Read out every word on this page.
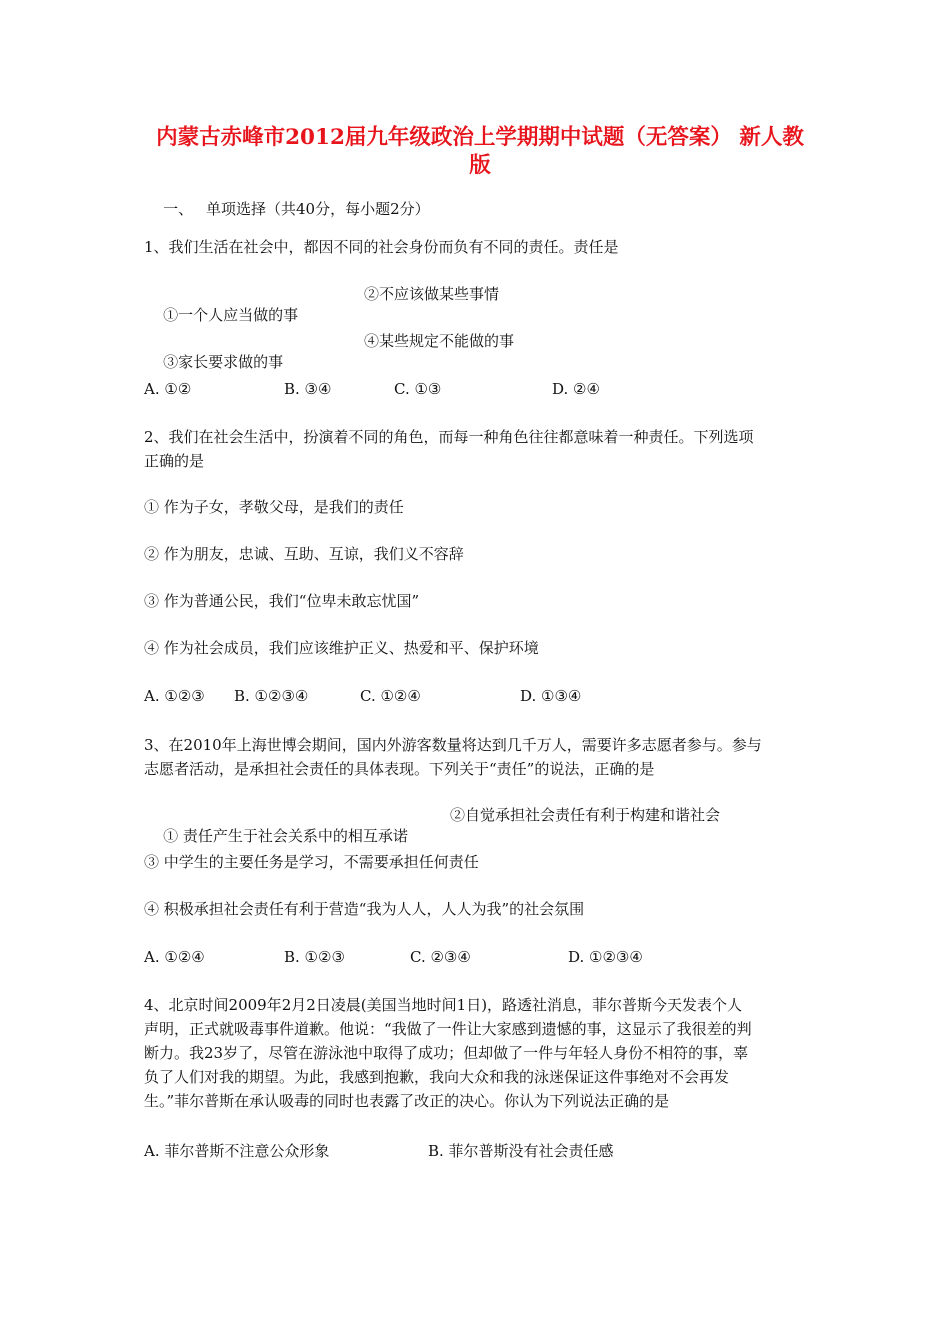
内蒙古赤峰市2012届九年级政治上学期期中试题（无答案） 新人教
版

一、 单项选择（共40分，每小题2分）

1、我们生活在社会中，都因不同的社会身份而负有不同的责任。责任是

①一个人应当做的事

②不应该做某些事情

③家长要求做的事

④某些规定不能做的事

A. ①②

	B. ③④

	C. ①③

	D. ②④

2、我们在社会生活中，扮演着不同的角色，而每一种角色往往都意味着一种责任。下列选项
正确的是
① 作为子女，孝敬父母，是我们的责任
② 作为朋友，忠诚、互助、互谅，我们义不容辞
③ 作为普通公民，我们“位卑未敢忘忧国”
④ 作为社会成员，我们应该维护正义、热爱和平、保护环境

A. ①②③

B. ①②③④

	C. ①②④

	D. ①③④

3、在2010年上海世博会期间，国内外游客数量将达到几千万人，需要许多志愿者参与。参与
志愿者活动，是承担社会责任的具体表现。下列关于“责任”的说法，正确的是

① 责任产生于社会关系中的相互承诺

②自觉承担社会责任有利于构建和谐社会

③ 中学生的主要任务是学习，不需要承担任何责任
④ 积极承担社会责任有利于营造“我为人人，人人为我”的社会氛围

A. ①②④

	B. ①②③

	C. ②③④

	D. ①②③④

4、北京时间2009年2月2日凌晨(美国当地时间1日)，路透社消息，菲尔普斯今天发表个人
声明，正式就吸毒事件道歉。他说：“我做了一件让大家感到遗憾的事，这显示了我很差的判
断力。我23岁了，尽管在游泳池中取得了成功；但却做了一件与年轻人身份不相符的事，辜
负了人们对我的期望。为此，我感到抱歉，我向大众和我的泳迷保证这件事绝对不会再发
生。”菲尔普斯在承认吸毒的同时也表露了改正的决心。你认为下列说法正确的是

A. 菲尔普斯不注意公众形象

	B. 菲尔普斯没有社会责任感
